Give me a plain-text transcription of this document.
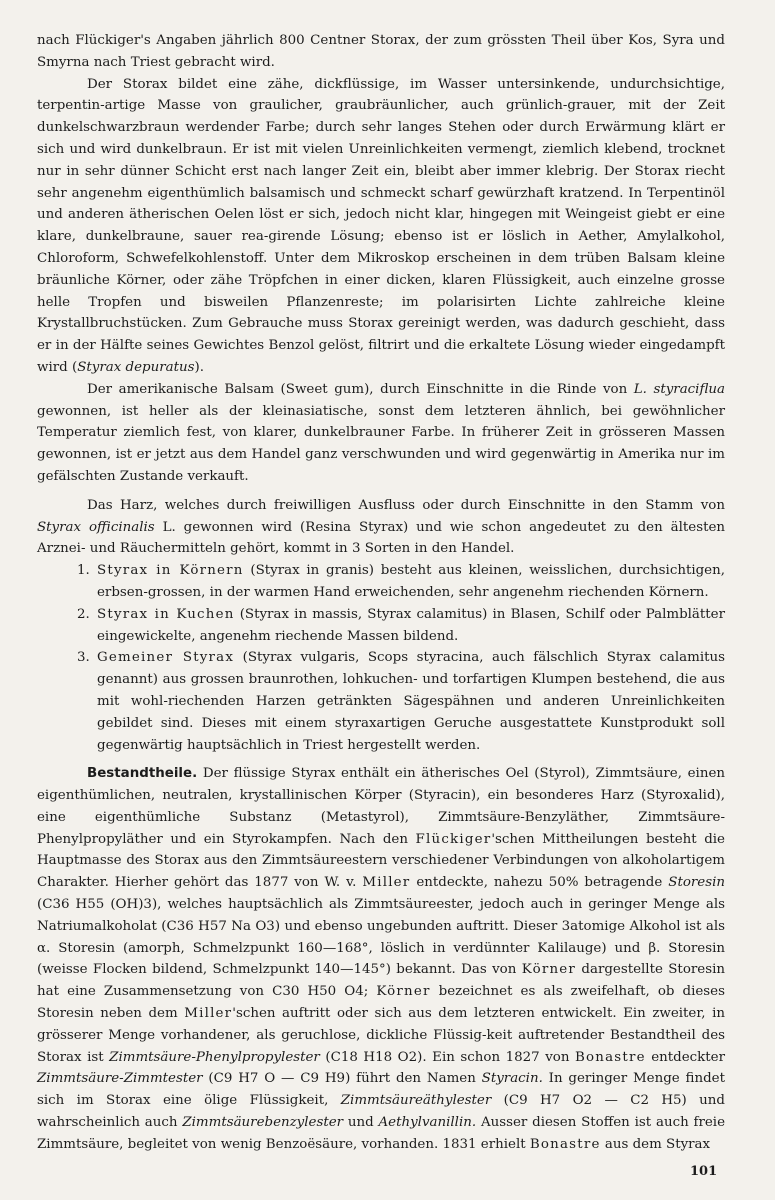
nach Flückiger's Angaben jährlich 800 Centner Storax, der zum grössten Theil über Kos, Syra und Smyrna nach Triest gebracht wird.

Der Storax bildet eine zähe, dickflüssige, im Wasser untersinkende, undurchsichtige, terpentin-artige Masse von graulicher, graubräunlicher, auch grünlich-grauer, mit der Zeit dunkelschwarzbraun werdender Farbe; durch sehr langes Stehen oder durch Erwärmung klärt er sich und wird dunkelbraun. Er ist mit vielen Unreinlichkeiten vermengt, ziemlich klebend, trocknet nur in sehr dünner Schicht erst nach langer Zeit ein, bleibt aber immer klebrig. Der Storax riecht sehr angenehm eigenthümlich balsamisch und schmeckt scharf gewürzhaft kratzend. In Terpentinöl und anderen ätherischen Oelen löst er sich, jedoch nicht klar, hingegen mit Weingeist giebt er eine klare, dunkelbraune, sauer rea-girende Lösung; ebenso ist er löslich in Aether, Amylalkohol, Chloroform, Schwefelkohlenstoff. Unter dem Mikroskop erscheinen in dem trüben Balsam kleine bräunliche Körner, oder zähe Tröpfchen in einer dicken, klaren Flüssigkeit, auch einzelne grosse helle Tropfen und bisweilen Pflanzenreste; im polarisirten Lichte zahlreiche kleine Krystallbruchstücken. Zum Gebrauche muss Storax gereinigt werden, was dadurch geschieht, dass er in der Hälfte seines Gewichtes Benzol gelöst, filtrirt und die erkaltete Lösung wieder eingedampft wird (Styrax depuratus).

Der amerikanische Balsam (Sweet gum), durch Einschnitte in die Rinde von L. styraciflua gewonnen, ist heller als der kleinasiatische, sonst dem letzteren ähnlich, bei gewöhnlicher Temperatur ziemlich fest, von klarer, dunkelbrauner Farbe. In früherer Zeit in grösseren Massen gewonnen, ist er jetzt aus dem Handel ganz verschwunden und wird gegenwärtig in Amerika nur im gefälschten Zustande verkauft.

Das Harz, welches durch freiwilligen Ausfluss oder durch Einschnitte in den Stamm von Styrax officinalis L. gewonnen wird (Resina Styrax) und wie schon angedeutet zu den ältesten Arznei- und Räuchermitteln gehört, kommt in 3 Sorten in den Handel.

1. Styrax in Körnern (Styrax in granis) besteht aus kleinen, weisslichen, durchsichtigen, erbsen-grossen, in der warmen Hand erweichenden, sehr angenehm riechenden Körnern.
2. Styrax in Kuchen (Styrax in massis, Styrax calamitus) in Blasen, Schilf oder Palmblätter eingewickelte, angenehm riechende Massen bildend.
3. Gemeiner Styrax (Styrax vulgaris, Scops styracina, auch fälschlich Styrax calamitus genannt) aus grossen braunrothen, lohkuchen- und torfartigen Klumpen bestehend, die aus mit wohl-riechenden Harzen getränkten Sägespähnen und anderen Unreinlichkeiten gebildet sind. Dieses mit einem styraxartigen Geruche ausgestattete Kunstprodukt soll gegenwärtig hauptsächlich in Triest hergestellt werden.

Bestandtheile. Der flüssige Styrax enthält ein ätherisches Oel (Styrol), Zimmtsäure, einen eigenthümlichen, neutralen, krystallinischen Körper (Styracin), ein besonderes Harz (Styroxalid), eine eigenthümliche Substanz (Metastyrol), Zimmtsäure-Benzyläther, Zimmtsäure-Phenylpropyläther und ein Styrokampfen. Nach den Flückiger'schen Mittheilungen besteht die Hauptmasse des Storax aus den Zimmtsäureestern verschiedener Verbindungen von alkoholartigem Charakter. Hierher gehört das 1877 von W. v. Miller entdeckte, nahezu 50% betragende Storesin (C36 H55 (OH)3), welches hauptsächlich als Zimmtsäureester, jedoch auch in geringer Menge als Natriumalkoholat (C36 H57 Na O3) und ebenso ungebunden auftritt. Dieser 3atomige Alkohol ist als α. Storesin (amorph, Schmelzpunkt 160—168°, löslich in verdünnter Kalilauge) und β. Storesin (weisse Flocken bildend, Schmelzpunkt 140—145°) bekannt. Das von Körner dargestellte Storesin hat eine Zusammensetzung von C30 H50 O4; Körner bezeichnet es als zweifelhaft, ob dieses Storesin neben dem Miller'schen auftritt oder sich aus dem letzteren entwickelt. Ein zweiter, in grösserer Menge vorhandener, als geruchlose, dickliche Flüssig-keit auftretender Bestandtheil des Storax ist Zimmtsäure-Phenylpropylester (C18 H18 O2). Ein schon 1827 von Bonastre entdeckter Zimmtsäure-Zimmtester (C9 H7 O — C9 H9) führt den Namen Styracin. In geringer Menge findet sich im Storax eine ölige Flüssigkeit, Zimmtsäureäthylester (C9 H7 O2 — C2 H5) und wahrscheinlich auch Zimmtsäurebenzylester und Aethylvanillin. Ausser diesen Stoffen ist auch freie Zimmtsäure, begleitet von wenig Benzoësäure, vorhanden. 1831 erhielt Bonastre aus dem Styrax

101
